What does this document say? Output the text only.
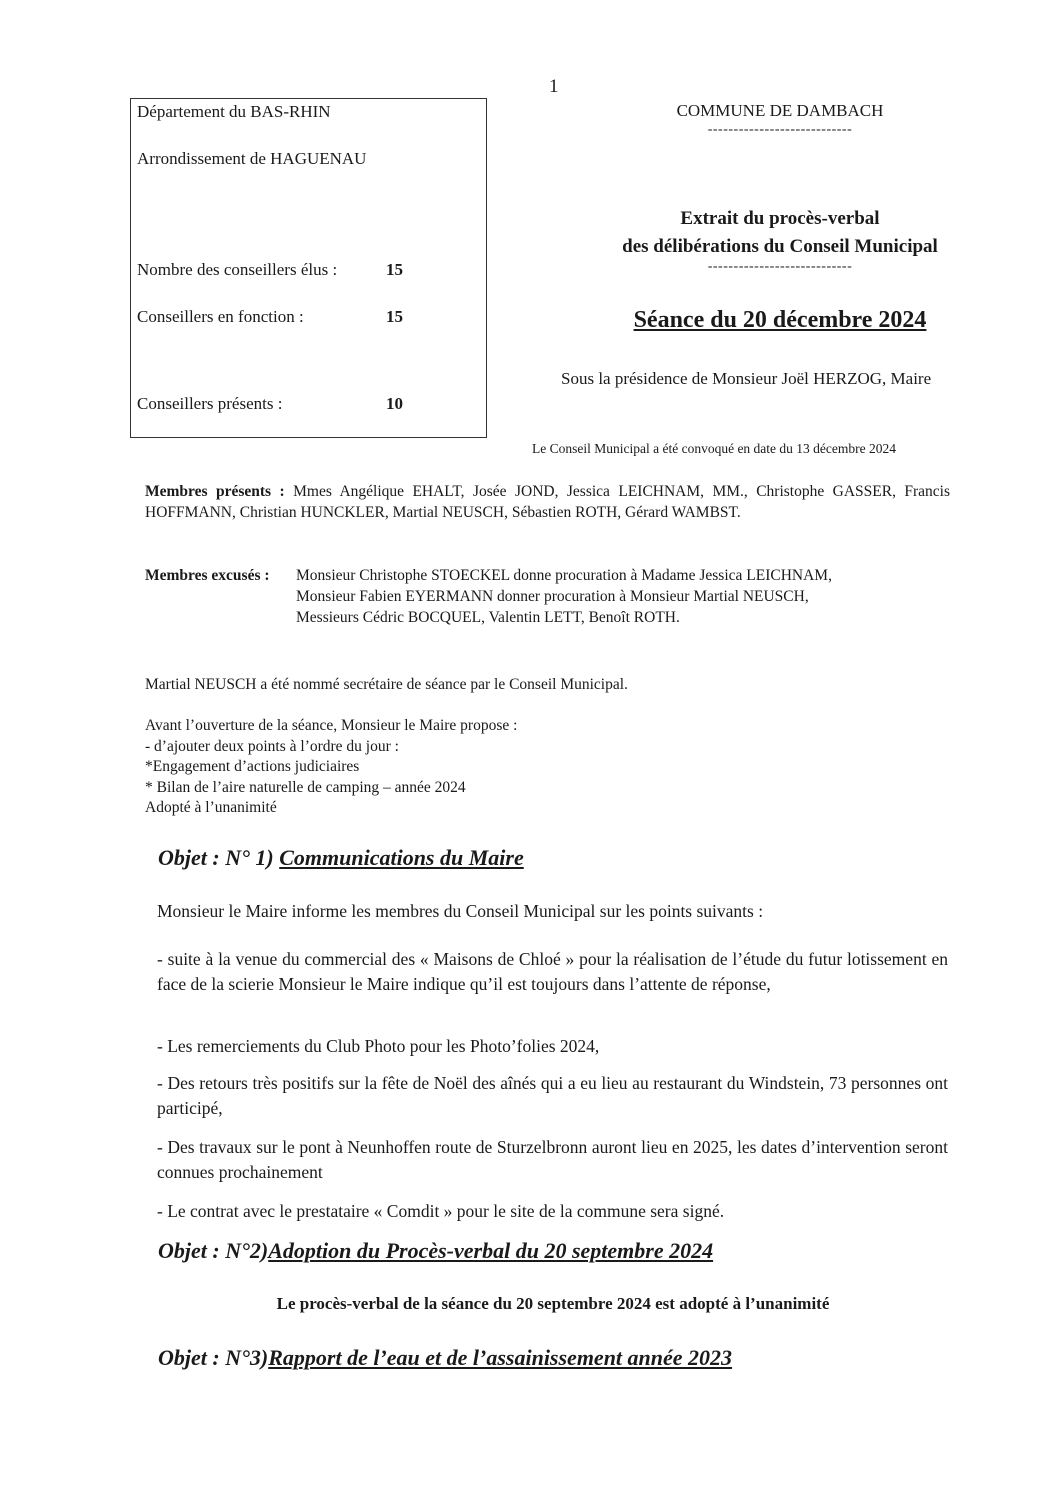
1
Département du BAS-RHIN
Arrondissement de HAGUENAU
Nombre des conseillers élus :	15
Conseillers en fonction :	15
Conseillers présents :	10
COMMUNE DE DAMBACH
----------------------------
Extrait du procès-verbal
des délibérations du Conseil Municipal
----------------------------
Séance du 20 décembre 2024
Sous la présidence de Monsieur Joël HERZOG, Maire
Le Conseil Municipal a été convoqué en date du 13 décembre 2024
Membres présents : Mmes Angélique EHALT, Josée JOND, Jessica LEICHNAM, MM., Christophe GASSER, Francis HOFFMANN, Christian HUNCKLER, Martial NEUSCH, Sébastien ROTH, Gérard WAMBST.
Membres excusés : Monsieur Christophe STOECKEL donne procuration à Madame Jessica LEICHNAM,
Monsieur Fabien EYERMANN donner procuration à Monsieur Martial NEUSCH,
Messieurs Cédric BOCQUEL, Valentin LETT, Benoît ROTH.
Martial NEUSCH a été nommé secrétaire de séance par le Conseil Municipal.
Avant l’ouverture de la séance, Monsieur le Maire propose :
- d’ajouter deux points à l’ordre du jour :
*Engagement d’actions judiciaires
* Bilan de l’aire naturelle de camping – année 2024
Adopté à l’unanimité
Objet : N° 1) Communications du Maire
Monsieur le Maire informe les membres du Conseil Municipal sur les points suivants :
- suite à la venue du commercial des « Maisons de Chloé » pour la réalisation de l’étude du futur lotissement en face de la scierie Monsieur le Maire indique qu’il est toujours dans l’attente de réponse,
- Les remerciements du Club Photo pour les Photo’folies 2024,
- Des retours très positifs sur la fête de Noël des aînés qui a eu lieu au restaurant du Windstein, 73 personnes ont participé,
- Des travaux sur le pont à Neunhoffen route de Sturzelbronn auront lieu en 2025, les dates d’intervention seront connues prochainement
- Le contrat avec le prestataire « Comdit » pour le site de la commune sera signé.
Objet : N°2)Adoption du Procès-verbal du 20 septembre 2024
Le procès-verbal de la séance du 20 septembre 2024 est adopté à l’unanimité
Objet : N°3)Rapport de l’eau et de l’assainissement année 2023
